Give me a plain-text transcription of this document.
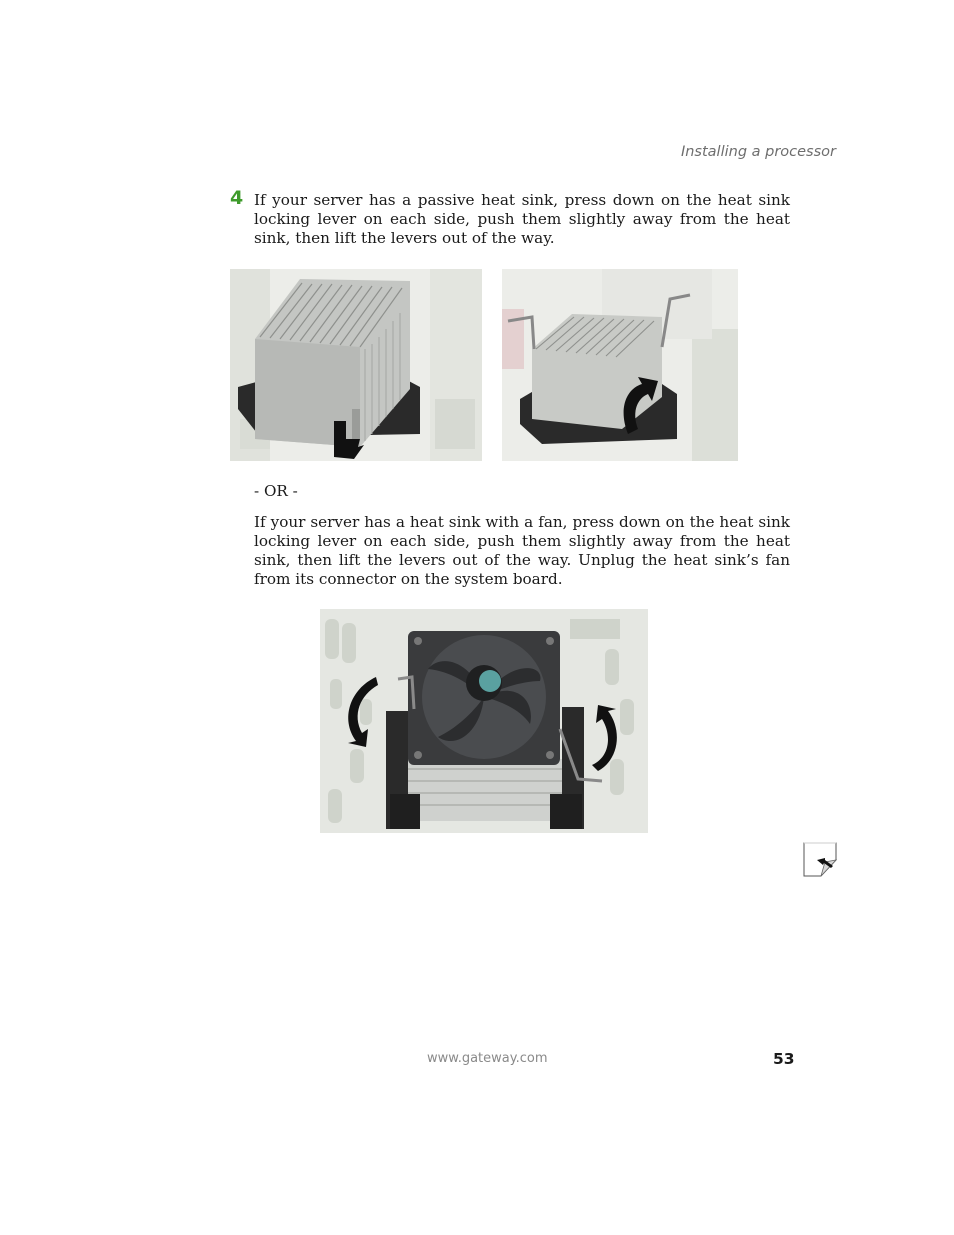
Installing a processor
4 If your server has a passive heat sink, press down on the heat sink locking lever on each side, push them slightly away from the heat sink, then lift the levers out of the way.

- OR -

If your server has a heat sink with a fan, press down on the heat sink locking lever on each side, push them slightly away from the heat sink, then lift the levers out of the way. Unplug the heat sink’s fan from its connector on the system board.

www.gateway.com	53
